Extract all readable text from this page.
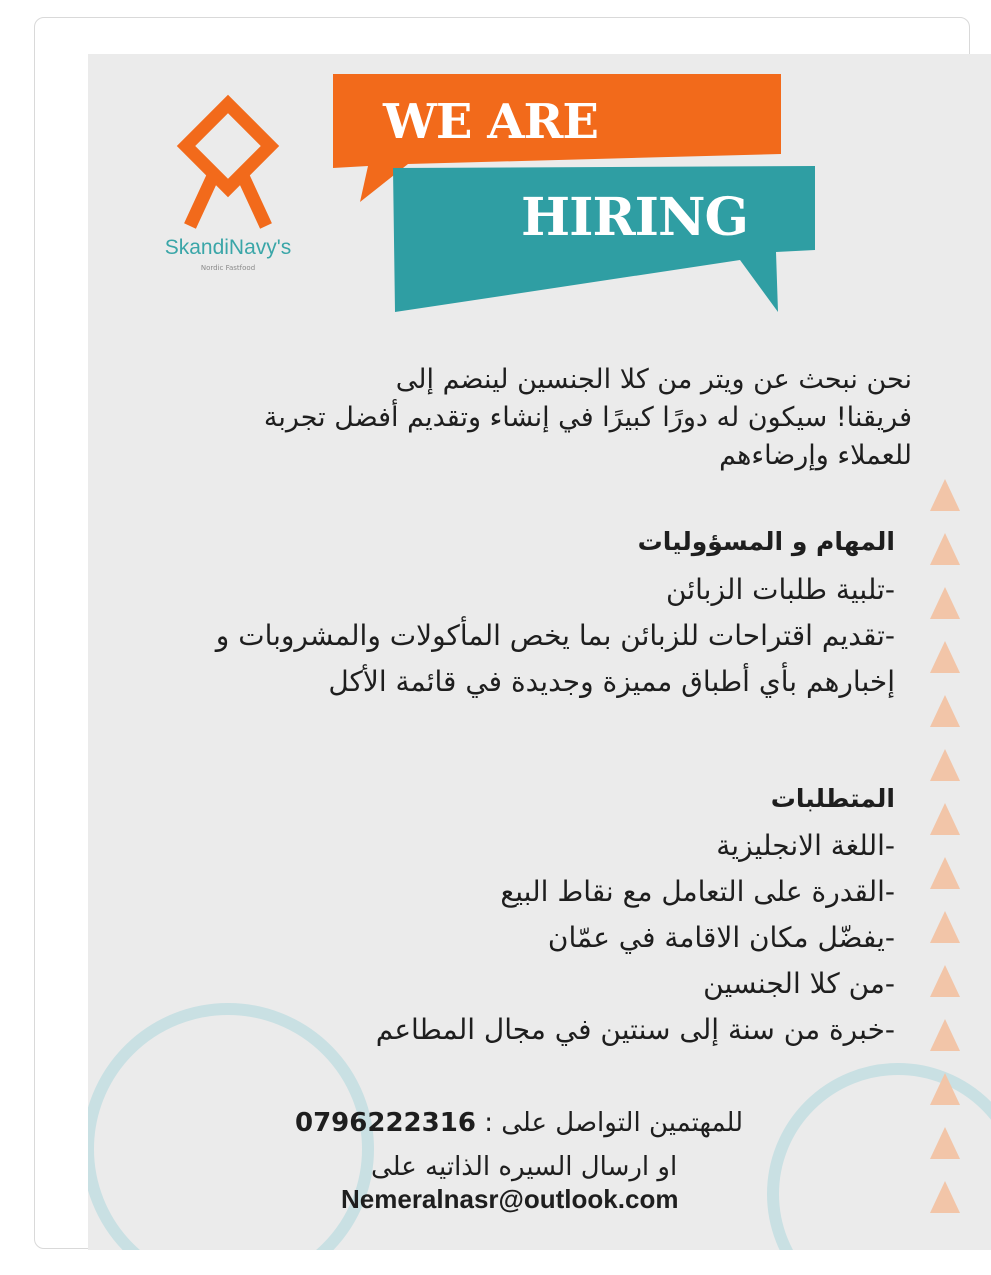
SkandiNavy's
Nordic Fastfood
WE ARE
HIRING
نحن نبحث عن ويتر من كلا الجنسين لينضم إلى
فريقنا! سيكون له دورًا كبيرًا في إنشاء وتقديم أفضل تجربة
للعملاء وإرضاءهم
المهام و المسؤوليات
-تلبية طلبات الزبائن
-تقديم اقتراحات للزبائن بما يخص المأكولات والمشروبات و
إخبارهم بأي أطباق مميزة وجديدة في قائمة الأكل
المتطلبات
-اللغة الانجليزية
-القدرة على التعامل مع نقاط البيع
-يفضّل مكان الاقامة في عمّان
-من كلا الجنسين
-خبرة من سنة إلى سنتين في مجال المطاعم
0796222316 للمهتمين التواصل على :
او ارسال السيره الذاتيه على
Nemeralnasr@outlook.com
